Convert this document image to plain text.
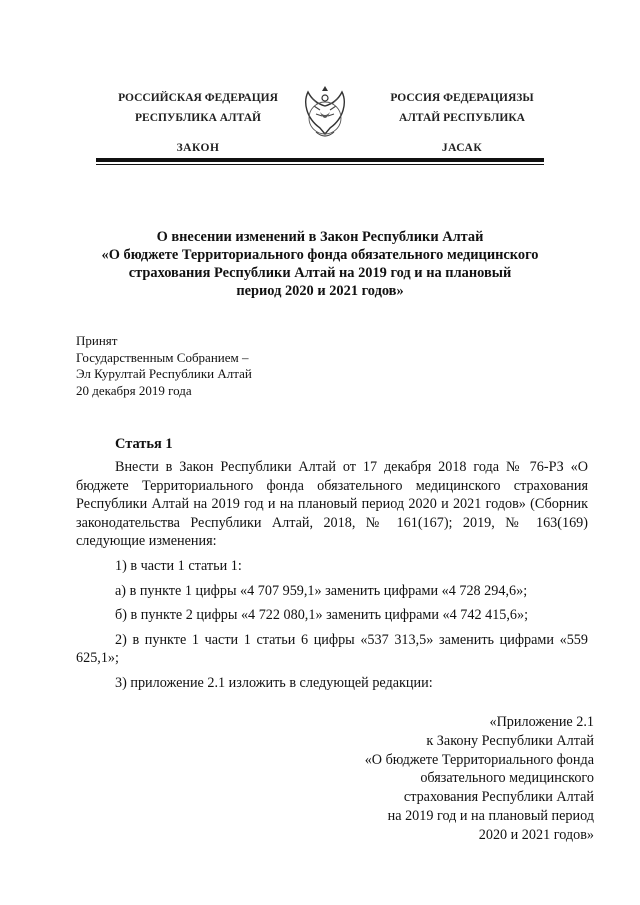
РОССИЙСКАЯ ФЕДЕРАЦИЯ
РЕСПУБЛИКА АЛТАЙ
ЗАКОН
РОССИЯ ФЕДЕРАЦИЯЗЫ
АЛТАЙ РЕСПУБЛИКА
JАСАК
О внесении изменений в Закон Республики Алтай
«О бюджете Территориального фонда обязательного медицинского
страхования Республики Алтай на 2019 год и на плановый
период 2020 и 2021 годов»
Принят
Государственным Собранием –
Эл Курултай Республики Алтай
20 декабря 2019 года
Статья 1

Внести в Закон Республики Алтай от 17 декабря 2018 года № 76-РЗ «О бюджете Территориального фонда обязательного медицинского страхования Республики Алтай на 2019 год и на плановый период 2020 и 2021 годов» (Сборник законодательства Республики Алтай, 2018, № 161(167); 2019, № 163(169) следующие изменения:

1) в части 1 статьи 1:

а) в пункте 1 цифры «4 707 959,1» заменить цифрами «4 728 294,6»;

б) в пункте 2 цифры «4 722 080,1» заменить цифрами «4 742 415,6»;

2) в пункте 1 части 1 статьи 6 цифры «537 313,5» заменить цифрами «559 625,1»;

3) приложение 2.1 изложить в следующей редакции:

«Приложение 2.1
к Закону Республики Алтай
«О бюджете Территориального фонда
обязательного медицинского
страхования Республики Алтай
на 2019 год и на плановый период
2020 и 2021 годов»
